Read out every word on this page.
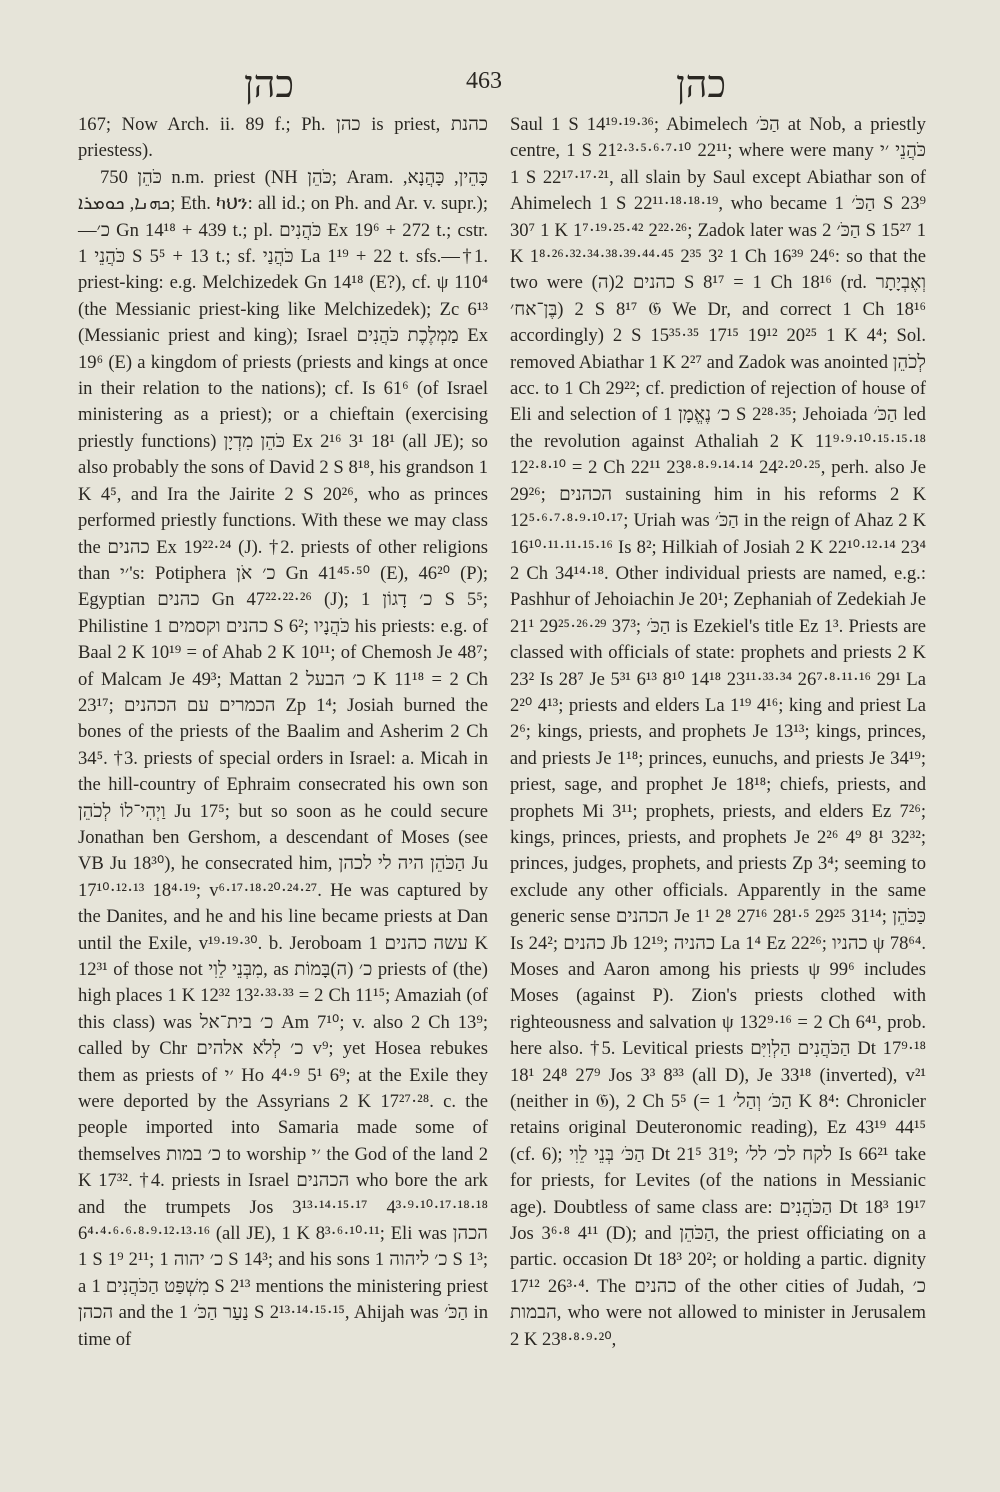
כהן	463	כהן

167; Now Arch. ii. 89 f.; Ph. כהן is priest, כהנת priestess).

כֹּהֵן 750 n.m. priest (NH כֹּהֵן; Aram. כָּהֵין, כָּהֲנָא, ܟܗܢܐ, ܟܘܡܪܐ; Eth. ካህን: all id.; on Ph. and Ar. v. supr.);—כ׳ Gn 14¹⁸ + 439 t.; pl. כֹּהֲנִים Ex 19⁶ + 272 t.; cstr. כֹּהֲנֵי 1 S 5⁵ + 13 t.; sf. כֹּהֲנַי La 1¹⁹ + 22 t. sfs.—†1. priest-king: e.g. Melchizedek Gn 14¹⁸ (E?), cf. ψ 110⁴ (the Messianic priest-king like Melchizedek); Zc 6¹³ (Messianic priest and king); Israel מַמְלֶכֶת כֹּהֲנִים Ex 19⁶ (E) a kingdom of priests (priests and kings at once in their relation to the nations); cf. Is 61⁶ (of Israel ministering as a priest); or a chieftain (exercising priestly functions) כֹּהֵן מִדְיָן Ex 2¹⁶ 3¹ 18¹ (all JE); so also probably the sons of David 2 S 8¹⁸, his grandson 1 K 4⁵, and Ira the Jairite 2 S 20²⁶, who as princes performed priestly functions. With these we may class the כהנים Ex 19²²·²⁴ (J). †2. priests of other religions than ׳י's: Potiphera כ׳ אֹן Gn 41⁴⁵·⁵⁰ (E), 46²⁰ (P); Egyptian כהנים Gn 47²²·²²·²⁶ (J); כ׳ דָגוֹן 1 S 5⁵; Philistine כהנים וקסמים 1 S 6²; כֹּהֲנָיו his priests: e.g. of Baal 2 K 10¹⁹ = of Ahab 2 K 10¹¹; of Chemosh Je 48⁷; of Malcam Je 49³; Mattan כ׳ הבעל 2 K 11¹⁸ = 2 Ch 23¹⁷; הכמרים עם הכהנים Zp 1⁴; Josiah burned the bones of the priests of the Baalim and Asherim 2 Ch 34⁵. †3. priests of special orders in Israel: a. Micah in the hill-country of Ephraim consecrated his own son וַיְהִי־לוֹ לְכֹהֵן Ju 17⁵; but so soon as he could secure Jonathan ben Gershom, a descendant of Moses (see VB Ju 18³⁰), he consecrated him, הַכֹּהֵן היה לי לכהן Ju 17¹⁰·¹²·¹³ 18⁴·¹⁹; v⁶·¹⁷·¹⁸·²⁰·²⁴·²⁷. He was captured by the Danites, and he and his line became priests at Dan until the Exile, v¹⁹·¹⁹·³⁰. b. Jeroboam עשה כהנים 1 K 12³¹ of those not מִבְּנֵי לֵוִי, as כ׳ (ה)בָּמוֹת priests of (the) high places 1 K 12³² 13²·³³·³³ = 2 Ch 11¹⁵; Amaziah (of this class) was כ׳ בית־אל Am 7¹⁰; v. also 2 Ch 13⁹; called by Chr כ׳ לְלֹא אלהים v⁹; yet Hosea rebukes them as priests of ׳י Ho 4⁴·⁹ 5¹ 6⁹; at the Exile they were deported by the Assyrians 2 K 17²⁷·²⁸. c. the people imported into Samaria made some of themselves כ׳ במות to worship ׳י the God of the land 2 K 17³². †4. priests in Israel הכהנים who bore the ark and the trumpets Jos 3¹³·¹⁴·¹⁵·¹⁷ 4³·⁹·¹⁰·¹⁷·¹⁸·¹⁸ 6⁴·⁴·⁶·⁶·⁸·⁹·¹²·¹³·¹⁶ (all JE), 1 K 8³·⁶·¹⁰·¹¹; Eli was הכהן 1 S 1⁹ 2¹¹; כ׳ יהוה 1 S 14³; and his sons כ׳ ליהוה 1 S 1³; a מִשְׁפַּט הַכֹּהֲנִים 1 S 2¹³ mentions the ministering priest הכהן and the נַעַר הַכֹּ׳ 1 S 2¹³·¹⁴·¹⁵·¹⁵, Ahijah was הַכֹּ׳ in time of

Saul 1 S 14¹⁹·¹⁹·³⁶; Abimelech הַכֹּ׳ at Nob, a priestly centre, 1 S 21²·³·⁵·⁶·⁷·¹⁰ 22¹¹; where were many כֹּהֲנֵי ׳י 1 S 22¹⁷·¹⁷·²¹, all slain by Saul except Abiathar son of Ahimelech 1 S 22¹¹·¹⁸·¹⁸·¹⁹, who became הַכֹּ׳ 1 S 23⁹ 30⁷ 1 K 1⁷·¹⁹·²⁵·⁴² 2²²·²⁶; Zadok later was הַכֹּ׳ 2 S 15²⁷ 1 K 1⁸·²⁶·³²·³⁴·³⁸·³⁹·⁴⁴·⁴⁵ 2³⁵ 3² 1 Ch 16³⁹ 24⁶: so that the two were (ה)כהנים 2 S 8¹⁷ = 1 Ch 18¹⁶ (rd. וְאֶבְיָתָר בֶּן־אח׳) 2 S 8¹⁷ 𝔊 We Dr, and correct 1 Ch 18¹⁶ accordingly) 2 S 15³⁵·³⁵ 17¹⁵ 19¹² 20²⁵ 1 K 4⁴; Sol. removed Abiathar 1 K 2²⁷ and Zadok was anointed לְכֹהֵן acc. to 1 Ch 29²²; cf. prediction of rejection of house of Eli and selection of כ׳ נֶאֱמָן 1 S 2²⁸·³⁵; Jehoiada הַכֹּ׳ led the revolution against Athaliah 2 K 11⁹·⁹·¹⁰·¹⁵·¹⁵·¹⁸ 12²·⁸·¹⁰ = 2 Ch 22¹¹ 23⁸·⁸·⁹·¹⁴·¹⁴ 24²·²⁰·²⁵, perh. also Je 29²⁶; הכהנים sustaining him in his reforms 2 K 12⁵·⁶·⁷·⁸·⁹·¹⁰·¹⁷; Uriah was הַכֹּ׳ in the reign of Ahaz 2 K 16¹⁰·¹¹·¹¹·¹⁵·¹⁶ Is 8²; Hilkiah of Josiah 2 K 22¹⁰·¹²·¹⁴ 23⁴ 2 Ch 34¹⁴·¹⁸. Other individual priests are named, e.g.: Pashhur of Jehoiachin Je 20¹; Zephaniah of Zedekiah Je 21¹ 29²⁵·²⁶·²⁹ 37³; הַכֹּ׳ is Ezekiel's title Ez 1³. Priests are classed with officials of state: prophets and priests 2 K 23² Is 28⁷ Je 5³¹ 6¹³ 8¹⁰ 14¹⁸ 23¹¹·³³·³⁴ 26⁷·⁸·¹¹·¹⁶ 29¹ La 2²⁰ 4¹³; priests and elders La 1¹⁹ 4¹⁶; king and priest La 2⁶; kings, priests, and prophets Je 13¹³; kings, princes, and priests Je 1¹⁸; princes, eunuchs, and priests Je 34¹⁹; priest, sage, and prophet Je 18¹⁸; chiefs, priests, and prophets Mi 3¹¹; prophets, priests, and elders Ez 7²⁶; kings, princes, priests, and prophets Je 2²⁶ 4⁹ 8¹ 32³²; princes, judges, prophets, and priests Zp 3⁴; seeming to exclude any other officials. Apparently in the same generic sense הכהנים Je 1¹ 2⁸ 27¹⁶ 28¹·⁵ 29²⁵ 31¹⁴; כַּכֹּהֵן Is 24²; כהנים Jb 12¹⁹; כהניה La 1⁴ Ez 22²⁶; כהניו ψ 78⁶⁴. Moses and Aaron among his priests ψ 99⁶ includes Moses (against P). Zion's priests clothed with righteousness and salvation ψ 132⁹·¹⁶ = 2 Ch 6⁴¹, prob. here also. †5. Levitical priests הַכֹּהֲנִים הַלְוִיִּם Dt 17⁹·¹⁸ 18¹ 24⁸ 27⁹ Jos 3³ 8³³ (all D), Je 33¹⁸ (inverted), v²¹ (neither in 𝔊), 2 Ch 5⁵ (= הַכֹּ׳ וְהַל׳ 1 K 8⁴: Chronicler retains original Deuteronomic reading), Ez 43¹⁹ 44¹⁵ (cf. 6); הַכֹּ׳ בְּנֵי לֵוִי Dt 21⁵ 31⁹; לקח לכ׳ לל׳ Is 66²¹ take for priests, for Levites (of the nations in Messianic age). Doubtless of same class are: הַכֹּהֲנִים Dt 18³ 19¹⁷ Jos 3⁶·⁸ 4¹¹ (D); and הַכֹּהֵן, the priest officiating on a partic. occasion Dt 18³ 20²; or holding a partic. dignity 17¹² 26³·⁴. The כהנים of the other cities of Judah, כ׳ הבמות, who were not allowed to minister in Jerusalem 2 K 23⁸·⁸·⁹·²⁰,
